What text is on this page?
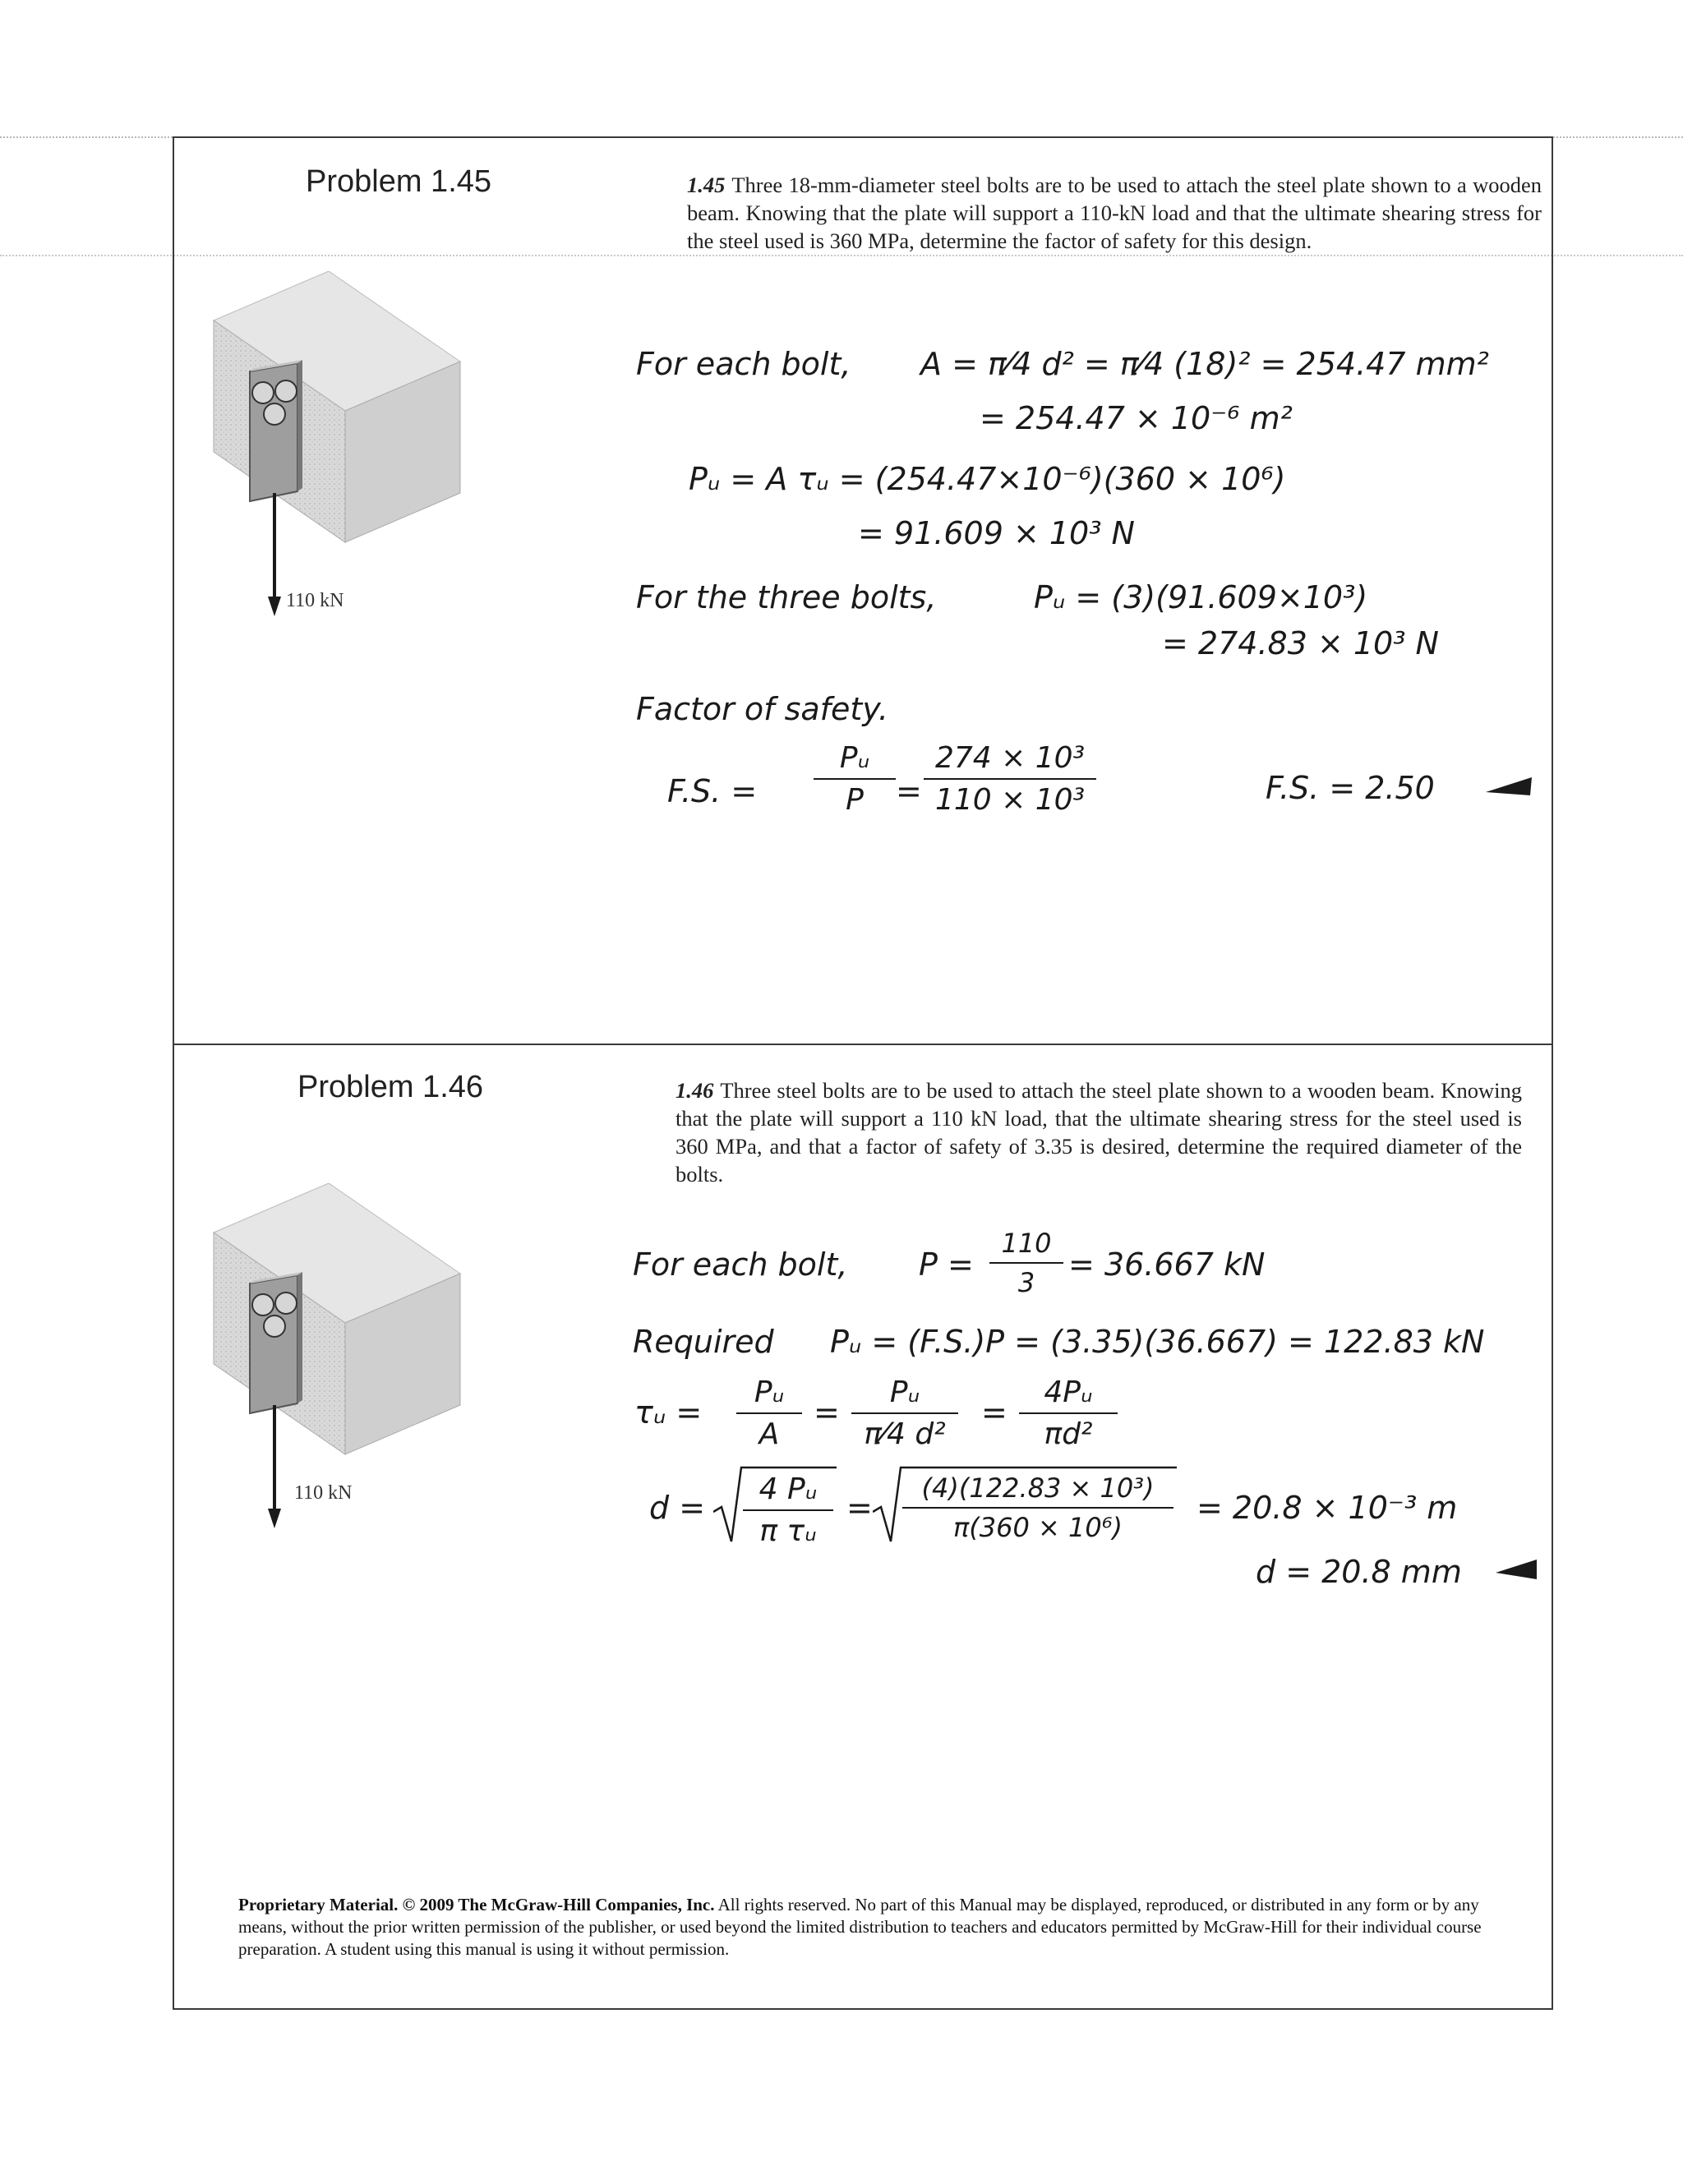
Problem 1.45	1.45 Three 18-mm-diameter steel bolts are to be used to attach the steel plate shown to a wooden beam. Knowing that the plate will support a 110-kN load and that the ultimate shearing stress for the steel used is 360 MPa, determine the factor of safety for this design.
110 kN
For each bolt, A = π⁄4 d² = π⁄4 (18)² = 254.47 mm²
= 254.47 × 10⁻⁶ m²
Pᵤ = A τᵤ = (254.47×10⁻⁶)(360 × 10⁶)
= 91.609 × 10³ N
For the three bolts,	Pᵤ = (3)(91.609×10³)
= 274.83 × 10³ N
Factor of safety.
F.S. = $\frac{\text{Pᵤ}}{P} = \frac{\text{274 × 10³}}{\text{110 × 10³}}$	F.S. = 2.50
Problem 1.46	1.46 Three steel bolts are to be used to attach the steel plate shown to a wooden beam. Knowing that the plate will support a 110 kN load, that the ultimate shearing stress for the steel used is 360 MPa, and that a factor of safety of 3.35 is desired, determine the required diameter of the bolts.
110 kN
For each bolt, $P = \frac{110}{3} = 36.667$ kN
Required Pᵤ = (F.S.)P = (3.35)(36.667) = 122.83 kN
τᵤ = $\frac{\text{Pᵤ}}{A} = \frac{\text{Pᵤ}}{\text{π⁄4 d²}} = \frac{\text{4Pᵤ}}{\text{πd²}}$
$d = \frac{\text{4 Pᵤ}}{\text{π τᵤ}} = \frac{\text{(4)(122.83 × 10³)}}{\text{π(360 × 10⁶)}} = 20.8 \times 10^{-3}$ m
d = 20.8 mm
Proprietary Material. © 2009 The McGraw-Hill Companies, Inc. All rights reserved. No part of this Manual may be displayed, reproduced, or distributed in any form or by any means, without the prior written permission of the publisher, or used beyond the limited distribution to teachers and educators permitted by McGraw-Hill for their individual course preparation. A student using this manual is using it without permission.
